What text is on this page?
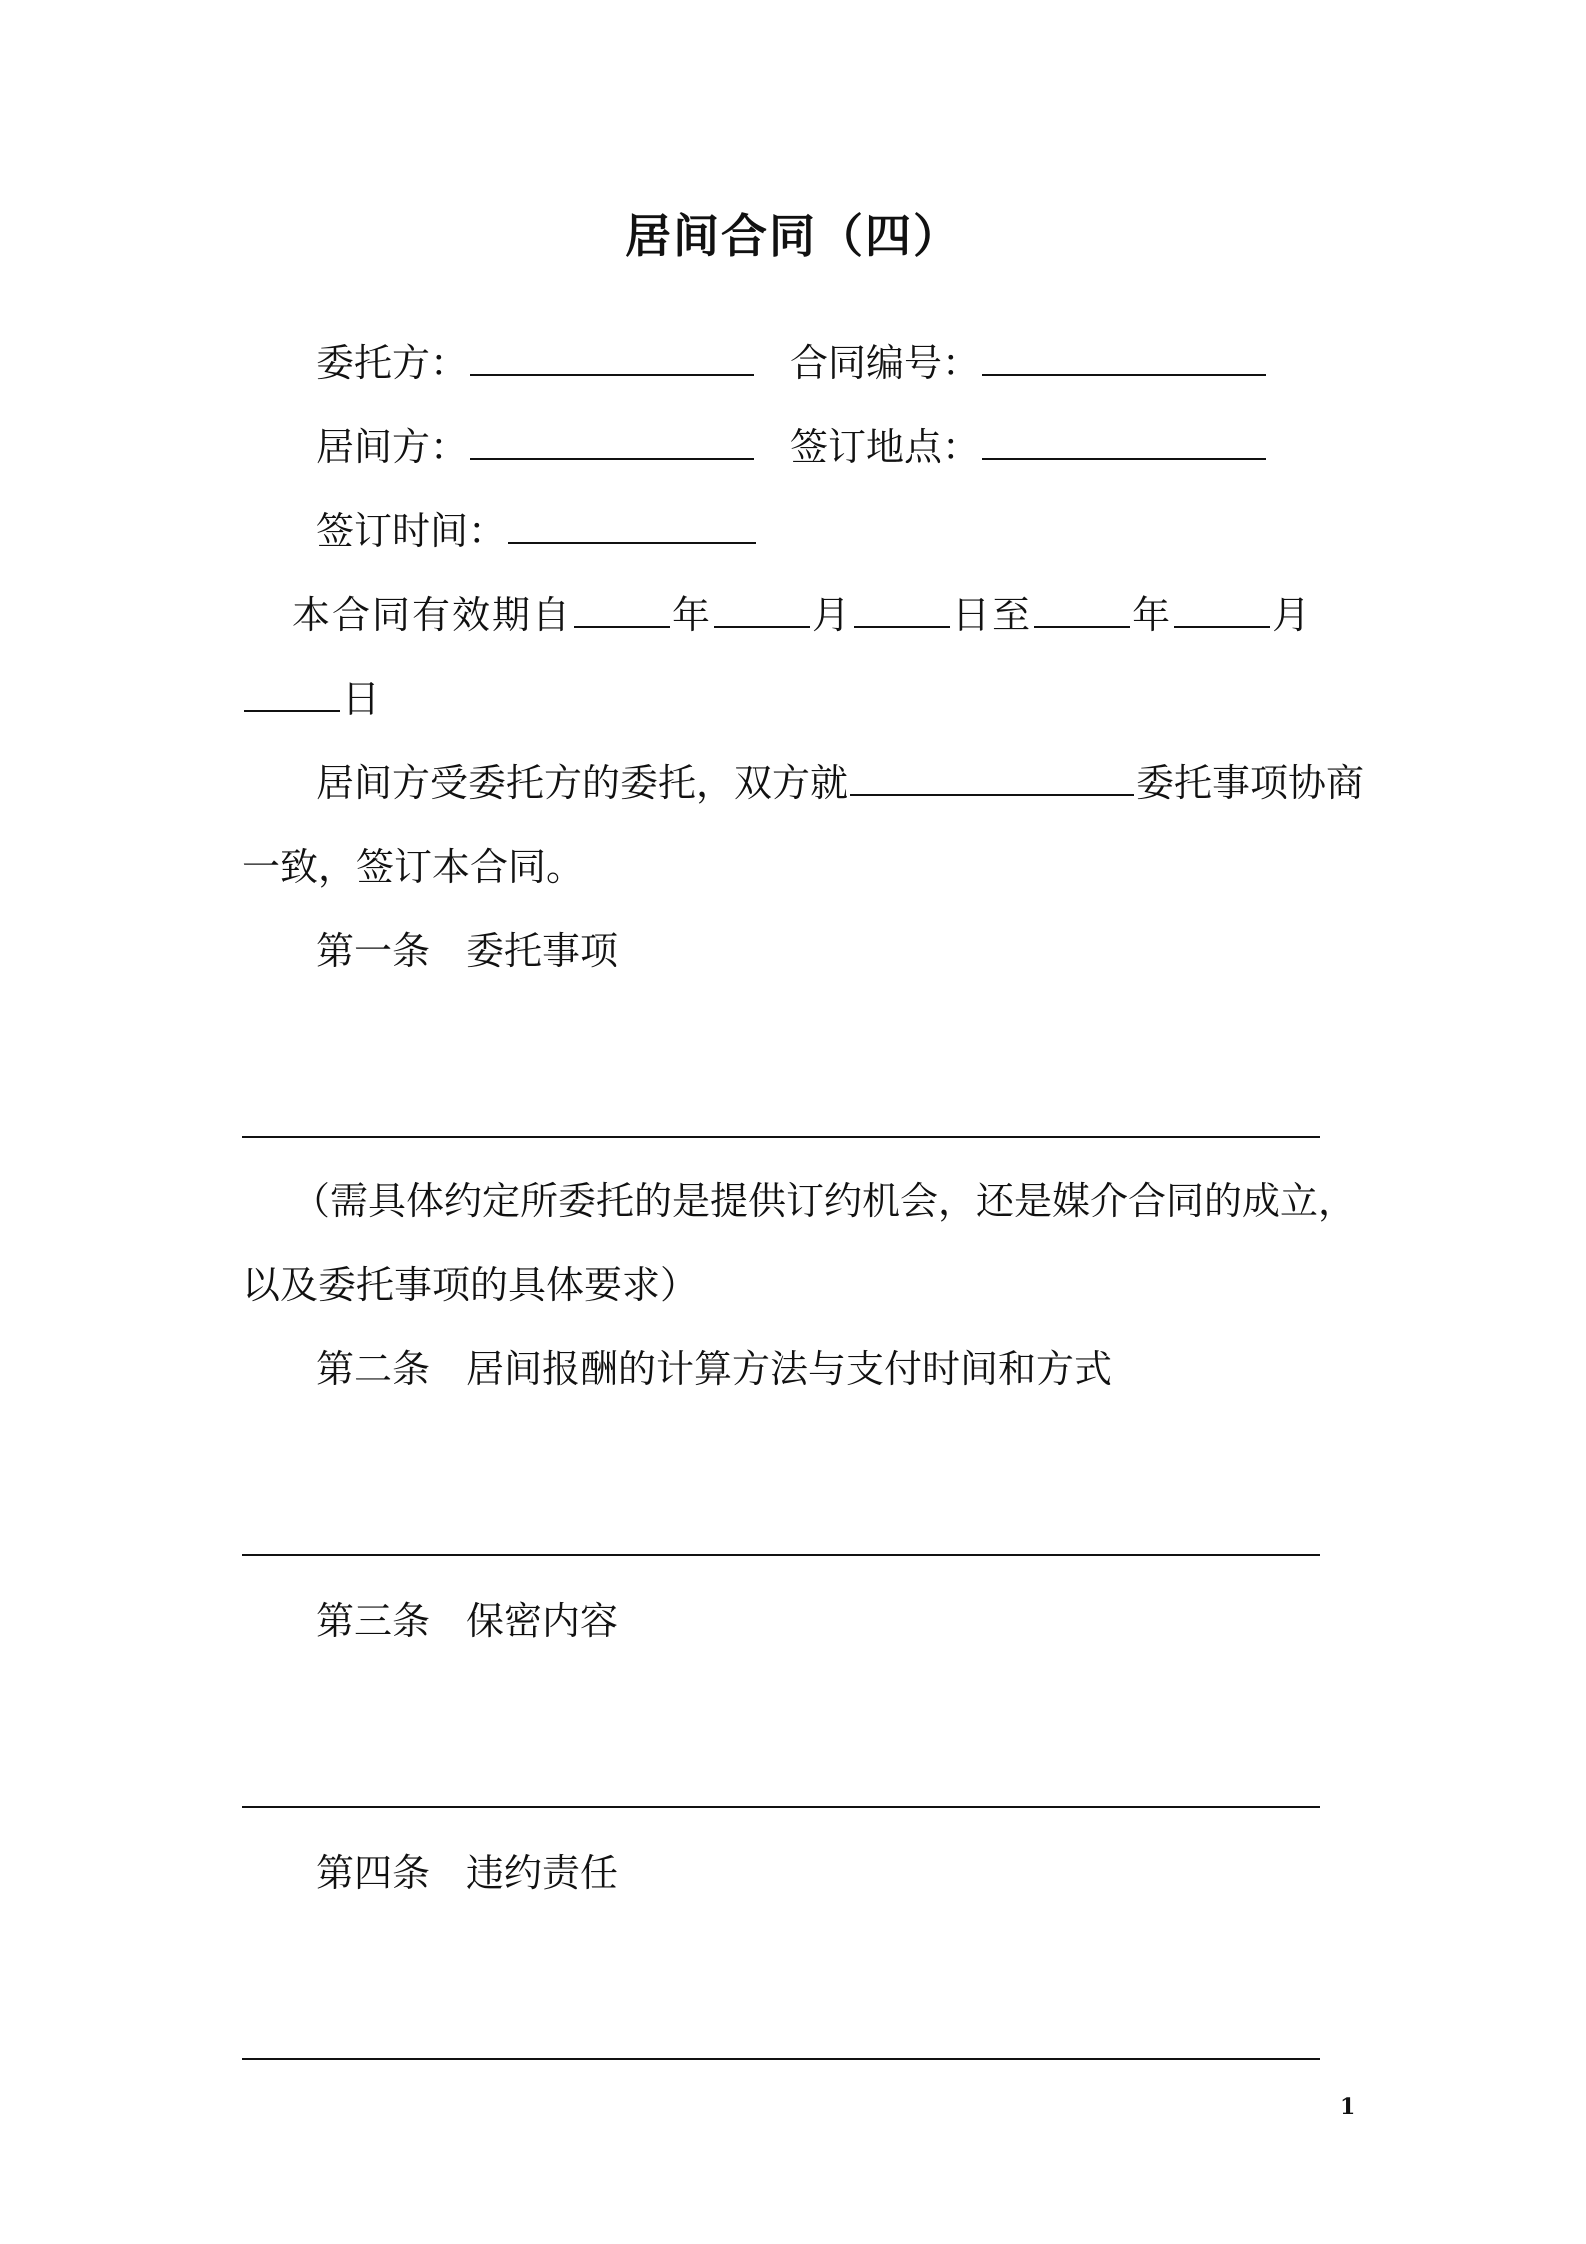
居间合同（四）
委托方：	合同编号：
居间方：	签订地点：
签订时间：
本合同有效期自	年	月	日至	年	月
日
居间方受委托方的委托，双方就	委托事项协商
一致，签订本合同。
第一条 委托事项
（需具体约定所委托的是提供订约机会，还是媒介合同的成立，
以及委托事项的具体要求）
第二条 居间报酬的计算方法与支付时间和方式
第三条 保密内容
第四条 违约责任
1
